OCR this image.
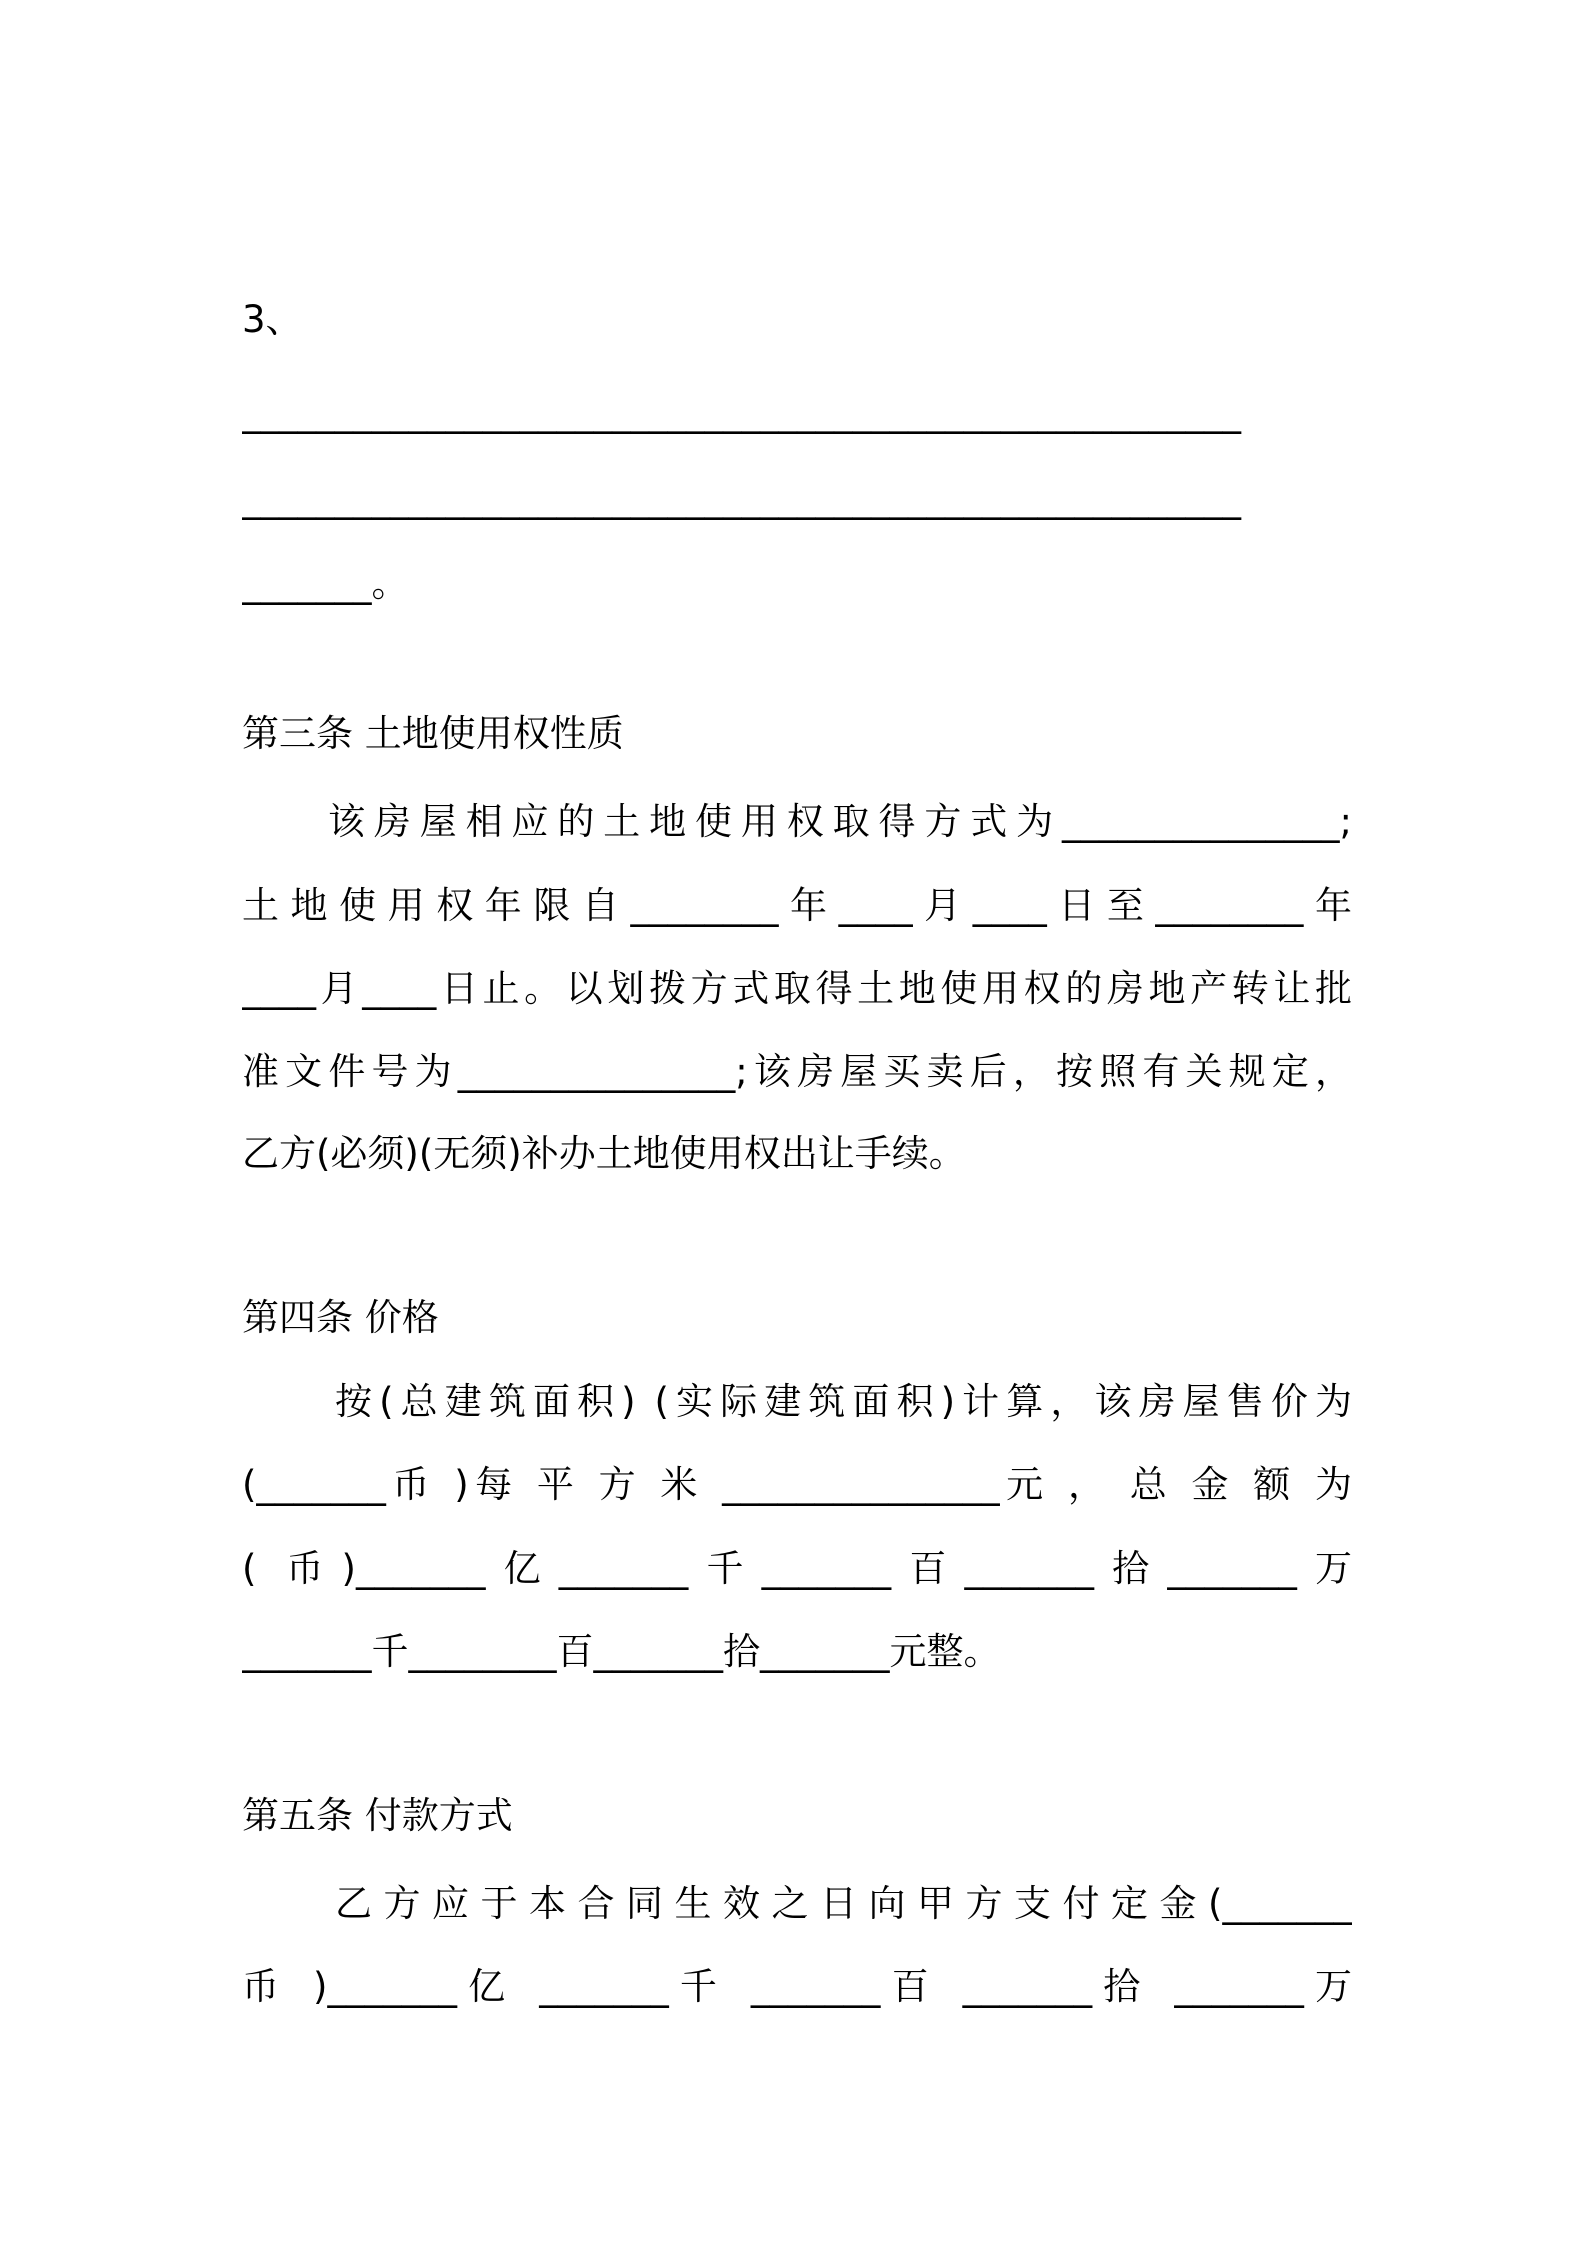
3、
______________________________________________________
______________________________________________________
_______。
第三条 土地使用权性质
该房屋相应的土地使用权取得方式为_______________;
土地使用权年限自________年____月____日至________年
____月____日止。以划拨方式取得土地使用权的房地产转让批
准文件号为_______________;该房屋买卖后，按照有关规定，
乙方(必须)(无须)补办土地使用权出让手续。
第四条 价格
按(总建筑面积) (实际建筑面积)计算，该房屋售价为
(_______币 )每 平 方 米 _______________元 ， 总 金 额 为
( 币)_______亿_______千_______百_______拾_______万
_______千________百_______拾_______元整。
第五条 付款方式
乙方应于本合同生效之日向甲方支付定金(_______
币 )_______亿 _______千 _______百 _______拾 _______万
